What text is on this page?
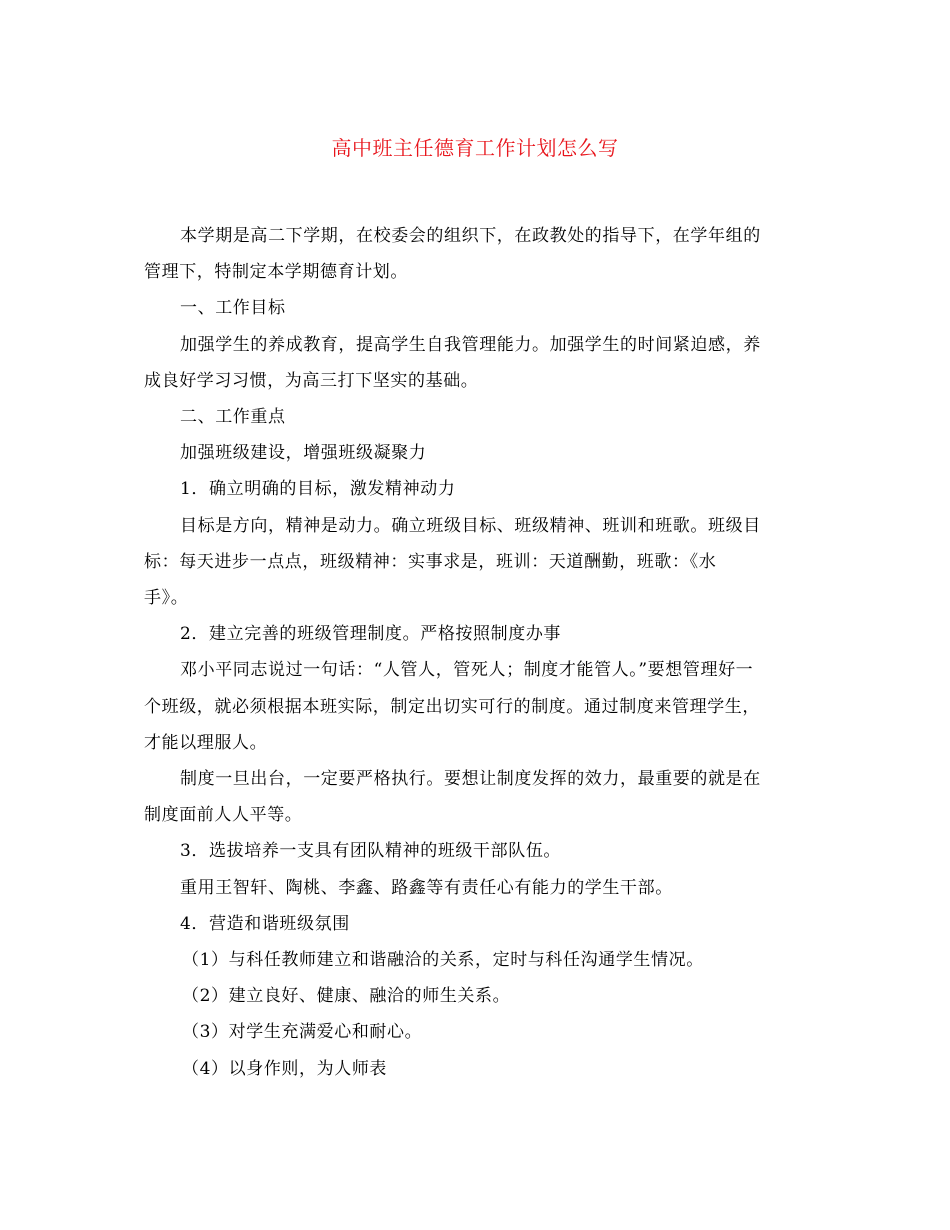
高中班主任德育工作计划怎么写

本学期是高二下学期，在校委会的组织下，在政教处的指导下，在学年组的
管理下，特制定本学期德育计划。

一、工作目标

加强学生的养成教育，提高学生自我管理能力。加强学生的时间紧迫感，养
成良好学习习惯，为高三打下坚实的基础。

二、工作重点

加强班级建设，增强班级凝聚力

1．确立明确的目标，激发精神动力

目标是方向，精神是动力。确立班级目标、班级精神、班训和班歌。班级目
标：每天进步一点点，班级精神：实事求是，班训：天道酬勤，班歌：《水
手》。

2．建立完善的班级管理制度。严格按照制度办事

邓小平同志说过一句话：“人管人，管死人；制度才能管人。”要想管理好一
个班级，就必须根据本班实际，制定出切实可行的制度。通过制度来管理学生，
才能以理服人。

制度一旦出台，一定要严格执行。要想让制度发挥的效力，最重要的就是在
制度面前人人平等。

3．选拔培养一支具有团队精神的班级干部队伍。

重用王智轩、陶桃、李鑫、路鑫等有责任心有能力的学生干部。

4．营造和谐班级氛围

（1）与科任教师建立和谐融洽的关系，定时与科任沟通学生情况。

（2）建立良好、健康、融洽的师生关系。

（3）对学生充满爱心和耐心。

（4）以身作则，为人师表
